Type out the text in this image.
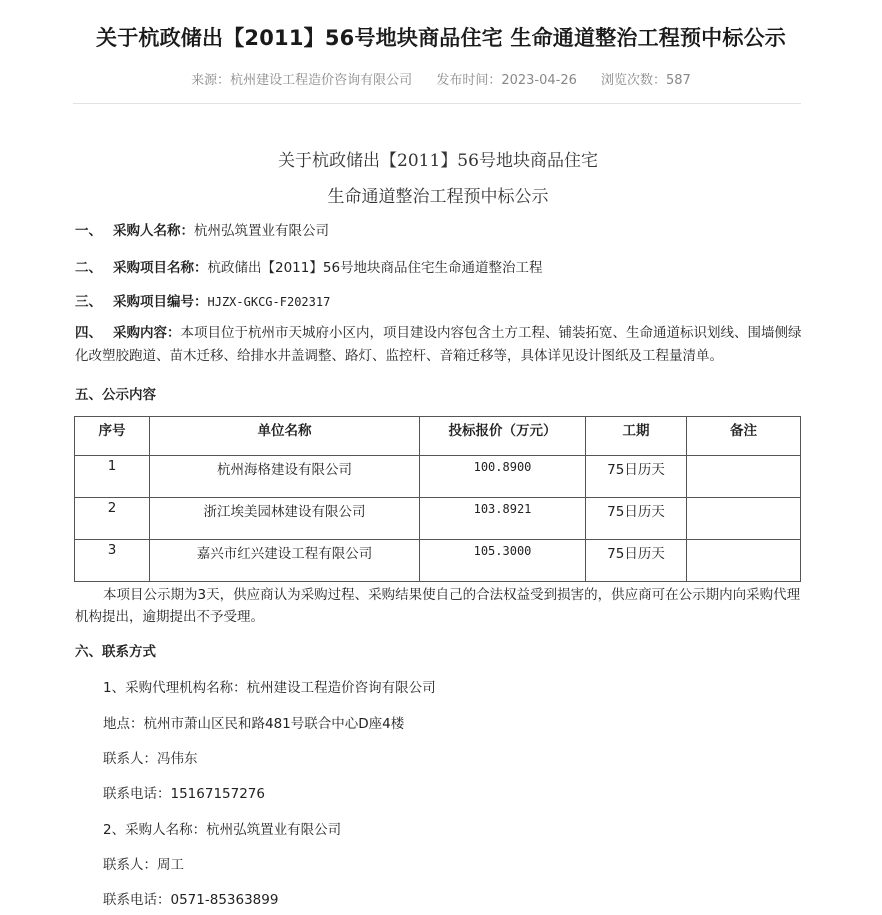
关于杭政储出【2011】56号地块商品住宅 生命通道整治工程预中标公示
来源：杭州建设工程造价咨询有限公司 发布时间：2023-04-26 浏览次数：587
关于杭政储出【2011】56号地块商品住宅
生命通道整治工程预中标公示
一、 采购人名称：杭州弘筑置业有限公司
二、 采购项目名称：杭政储出【2011】56号地块商品住宅生命通道整治工程
三、 采购项目编号：HJZX-GKCG-F202317
四、 采购内容：本项目位于杭州市天城府小区内，项目建设内容包含土方工程、铺装拓宽、生命通道标识划线、围墙侧绿化改塑胶跑道、苗木迁移、给排水井盖调整、路灯、监控杆、音箱迁移等，具体详见设计图纸及工程量清单。
五、公示内容
序号	单位名称	投标报价（万元）	工期	备注
1	杭州海格建设有限公司	100.8900	75日历天	
2	浙江埃美园林建设有限公司	103.8921	75日历天	
3	嘉兴市红兴建设工程有限公司	105.3000	75日历天	
本项目公示期为3天，供应商认为采购过程、采购结果使自己的合法权益受到损害的，供应商可在公示期内向采购代理机构提出，逾期提出不予受理。
六、联系方式
1、采购代理机构名称：杭州建设工程造价咨询有限公司
地点：杭州市萧山区民和路481号联合中心D座4楼
联系人：冯伟东
联系电话：15167157276
2、采购人名称：杭州弘筑置业有限公司
联系人：周工
联系电话：0571-85363899
